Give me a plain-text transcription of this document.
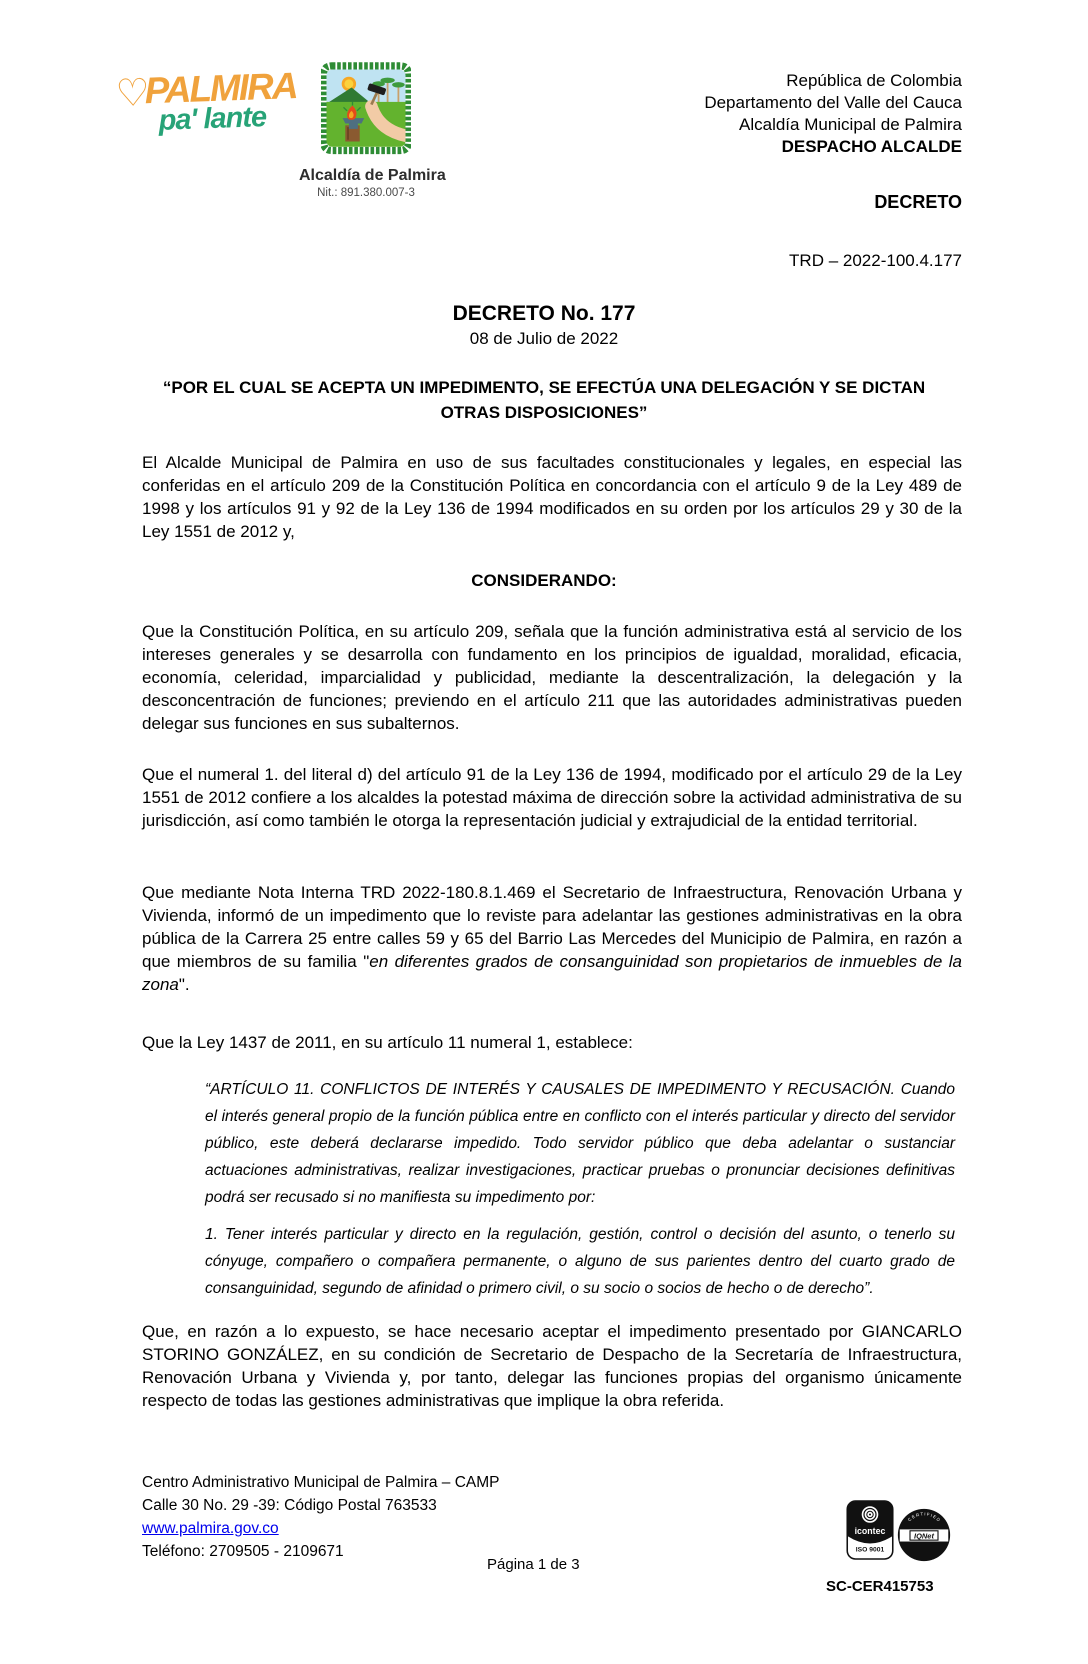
♡PALMIRA
pa' lante
Alcaldía de Palmira
Nit.: 891.380.007-3
República de Colombia
Departamento del Valle del Cauca
Alcaldía Municipal de Palmira
DESPACHO ALCALDE
DECRETO
TRD – 2022-100.4.177
DECRETO No. 177
08 de Julio de 2022
“POR EL CUAL SE ACEPTA UN IMPEDIMENTO, SE EFECTÚA UNA DELEGACIÓN Y SE DICTAN OTRAS DISPOSICIONES”
El Alcalde Municipal de Palmira en uso de sus facultades constitucionales y legales, en especial las conferidas en el artículo 209 de la Constitución Política en concordancia con el artículo 9 de la Ley 489 de 1998 y los artículos 91 y 92 de la Ley 136 de 1994 modificados en su orden por los artículos 29 y 30 de la Ley 1551 de 2012 y,
CONSIDERANDO:
Que la Constitución Política, en su artículo 209, señala que la función administrativa está al servicio de los intereses generales y se desarrolla con fundamento en los principios de igualdad, moralidad, eficacia, economía, celeridad, imparcialidad y publicidad, mediante la descentralización, la delegación y la desconcentración de funciones; previendo en el artículo 211 que las autoridades administrativas pueden delegar sus funciones en sus subalternos.
Que el numeral 1. del literal d) del artículo 91 de la Ley 136 de 1994, modificado por el artículo 29 de la Ley 1551 de 2012 confiere a los alcaldes la potestad máxima de dirección sobre la actividad administrativa de su jurisdicción, así como también le otorga la representación judicial y extrajudicial de la entidad territorial.
Que mediante Nota Interna TRD 2022-180.8.1.469 el Secretario de Infraestructura, Renovación Urbana y Vivienda, informó de un impedimento que lo reviste para adelantar las gestiones administrativas en la obra pública de la Carrera 25 entre calles 59 y 65 del Barrio Las Mercedes del Municipio de Palmira, en razón a que miembros de su familia "en diferentes grados de consanguinidad son propietarios de inmuebles de la zona".
Que la Ley 1437 de 2011, en su artículo 11 numeral 1, establece:
“ARTÍCULO 11. CONFLICTOS DE INTERÉS Y CAUSALES DE IMPEDIMENTO Y RECUSACIÓN. Cuando el interés general propio de la función pública entre en conflicto con el interés particular y directo del servidor público, este deberá declararse impedido. Todo servidor público que deba adelantar o sustanciar actuaciones administrativas, realizar investigaciones, practicar pruebas o pronunciar decisiones definitivas podrá ser recusado si no manifiesta su impedimento por:
1. Tener interés particular y directo en la regulación, gestión, control o decisión del asunto, o tenerlo su cónyuge, compañero o compañera permanente, o alguno de sus parientes dentro del cuarto grado de consanguinidad, segundo de afinidad o primero civil, o su socio o socios de hecho o de derecho”.
Que, en razón a lo expuesto, se hace necesario aceptar el impedimento presentado por GIANCARLO STORINO GONZÁLEZ, en su condición de Secretario de Despacho de la Secretaría de Infraestructura, Renovación Urbana y Vivienda y, por tanto, delegar las funciones propias del organismo únicamente respecto de todas las gestiones administrativas que implique la obra referida.
Centro Administrativo Municipal de Palmira – CAMP
Calle 30 No. 29 -39: Código Postal 763533
www.palmira.gov.co
Teléfono: 2709505 - 2109671
Página 1 de 3
icontec
ISO 9001
C E R T I F I E D
IQNet
SC-CER415753
